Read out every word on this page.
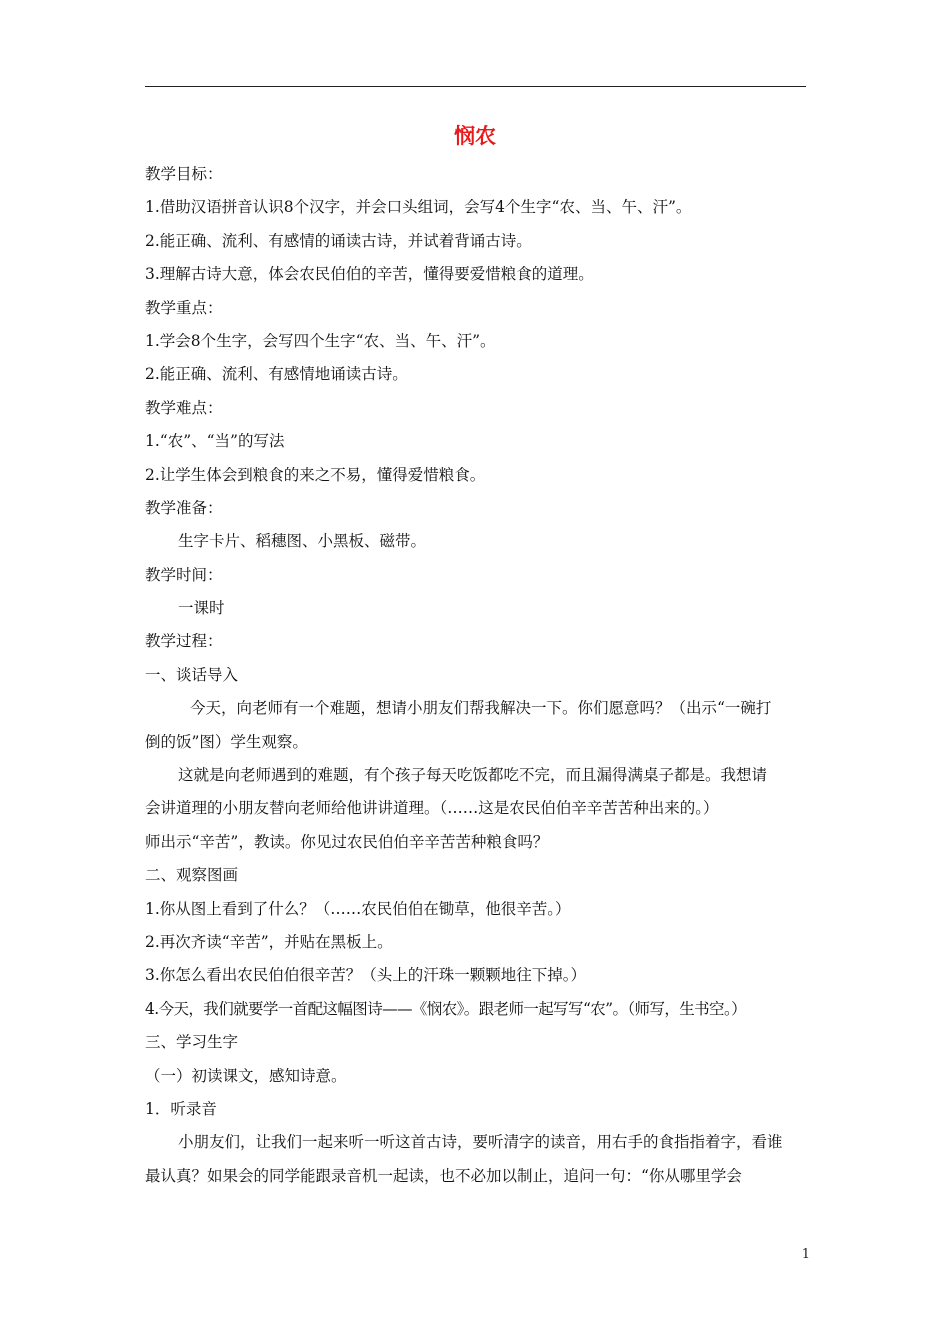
悯农
教学目标：
1.借助汉语拼音认识8个汉字，并会口头组词，会写4个生字“农、当、午、汗”。
2.能正确、流利、有感情的诵读古诗，并试着背诵古诗。
3.理解古诗大意，体会农民伯伯的辛苦，懂得要爱惜粮食的道理。
教学重点：
1.学会8个生字，会写四个生字“农、当、午、汗”。
2.能正确、流利、有感情地诵读古诗。
教学难点：
1.“农”、“当”的写法
2.让学生体会到粮食的来之不易，懂得爱惜粮食。
教学准备：
生字卡片、稻穗图、小黑板、磁带。
教学时间：
一课时
教学过程：
一、谈话导入
今天，向老师有一个难题，想请小朋友们帮我解决一下。你们愿意吗？（出示“一碗打
倒的饭”图）学生观察。
这就是向老师遇到的难题，有个孩子每天吃饭都吃不完，而且漏得满桌子都是。我想请
会讲道理的小朋友替向老师给他讲讲道理。（……这是农民伯伯辛辛苦苦种出来的。）
师出示“辛苦”，教读。你见过农民伯伯辛辛苦苦种粮食吗？
二、观察图画
1.你从图上看到了什么？（……农民伯伯在锄草，他很辛苦。）
2.再次齐读“辛苦”，并贴在黑板上。
3.你怎么看出农民伯伯很辛苦？（头上的汗珠一颗颗地往下掉。）
4.今天，我们就要学一首配这幅图诗——《悯农》。跟老师一起写写“农”。（师写，生书空。）
三、学习生字
（一）初读课文，感知诗意。
1．听录音
小朋友们，让我们一起来听一听这首古诗，要听清字的读音，用右手的食指指着字，看谁
最认真？如果会的同学能跟录音机一起读，也不必加以制止，追问一句：“你从哪里学会
1
